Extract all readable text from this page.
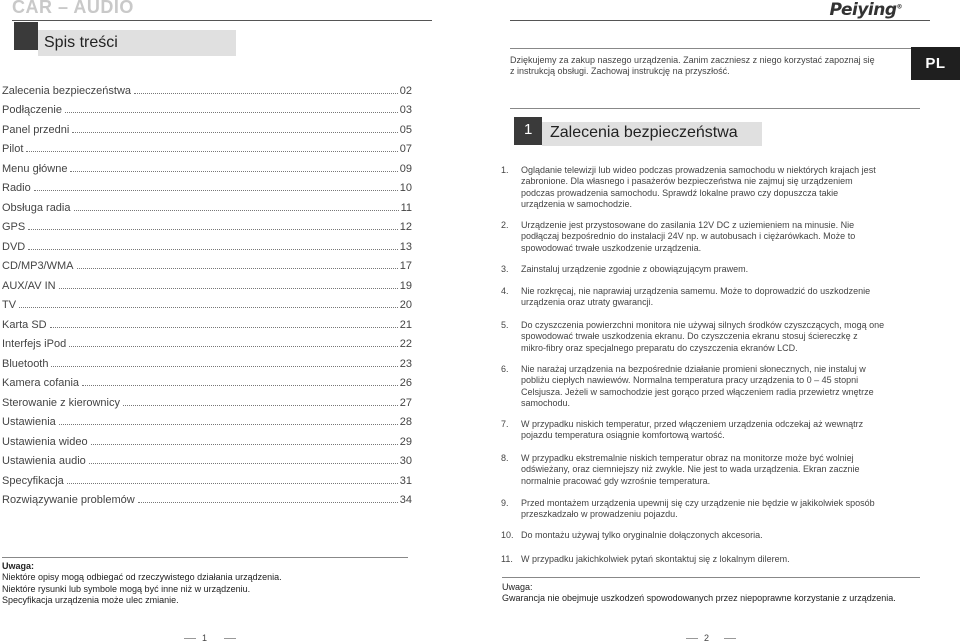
CAR – AUDIO	Peiying®
Spis treści
Zalecenia bezpieczeństwa	02
Podłączenie	03
Panel przedni	05
Pilot	07
Menu główne	09
Radio	10
Obsługa radia	11
GPS	12
DVD	13
CD/MP3/WMA	17
AUX/AV IN	19
TV	20
Karta SD	21
Interfejs iPod	22
Bluetooth	23
Kamera cofania	26
Sterowanie z kierownicy	27
Ustawienia	28
Ustawienia wideo	29
Ustawienia audio	30
Specyfikacja	31
Rozwiązywanie problemów	34
Uwaga:
Niektóre opisy mogą odbiegać od rzeczywistego działania urządzenia.
Niektóre rysunki lub symbole mogą być inne niż w urządzeniu.
Specyfikacja urządzenia może ulec zmianie.
1	2
Dziękujemy za zakup naszego urządzenia. Zanim zaczniesz z niego korzystać zapoznaj się
z instrukcją obsługi. Zachowaj instrukcję na przyszłość.	PL
1 Zalecenia bezpieczeństwa
1.	Oglądanie telewizji lub wideo podczas prowadzenia samochodu w niektórych krajach jest
zabronione. Dla własnego i pasażerów bezpieczeństwa nie zajmuj się urządzeniem
podczas prowadzenia samochodu. Sprawdź lokalne prawo czy dopuszcza takie
urządzenia w samochodzie.
2.	Urządzenie jest przystosowane do zasilania 12V DC z uziemieniem na minusie. Nie
podłączaj bezpośrednio do instalacji 24V np. w autobusach i ciężarówkach. Może to
spowodować trwałe uszkodzenie urządzenia.
3.	Zainstaluj urządzenie zgodnie z obowiązującym prawem.
4.	Nie rozkręcaj, nie naprawiaj urządzenia samemu. Może to doprowadzić do uszkodzenie
urządzenia oraz utraty gwarancji.
5.	Do czyszczenia powierzchni monitora nie używaj silnych środków czyszczących, mogą one
spowodować trwałe uszkodzenia ekranu. Do czyszczenia ekranu stosuj ściereczkę z
mikro-fibry oraz specjalnego preparatu do czyszczenia ekranów LCD.
6.	Nie narażaj urządzenia na bezpośrednie działanie promieni słonecznych, nie instaluj w
pobliżu ciepłych nawiewów. Normalna temperatura pracy urządzenia to 0 – 45 stopni
Celsjusza. Jeżeli w samochodzie jest gorąco przed włączeniem radia przewietrz wnętrze
samochodu.
7.	W przypadku niskich temperatur, przed włączeniem urządzenia odczekaj aż wewnątrz
pojazdu temperatura osiągnie komfortową wartość.
8.	W przypadku ekstremalnie niskich temperatur obraz na monitorze może być wolniej
odświeżany, oraz ciemniejszy niż zwykle. Nie jest to wada urządzenia. Ekran zacznie
normalnie pracować gdy wzrośnie temperatura.
9.	Przed montażem urządzenia upewnij się czy urządzenie nie będzie w jakikolwiek sposób
przeszkadzało w prowadzeniu pojazdu.
10. Do montażu używaj tylko oryginalnie dołączonych akcesoria.
11. W przypadku jakichkolwiek pytań skontaktuj się z lokalnym dilerem.
Uwaga:
Gwarancja nie obejmuje uszkodzeń spowodowanych przez niepoprawne korzystanie z urządzenia.
